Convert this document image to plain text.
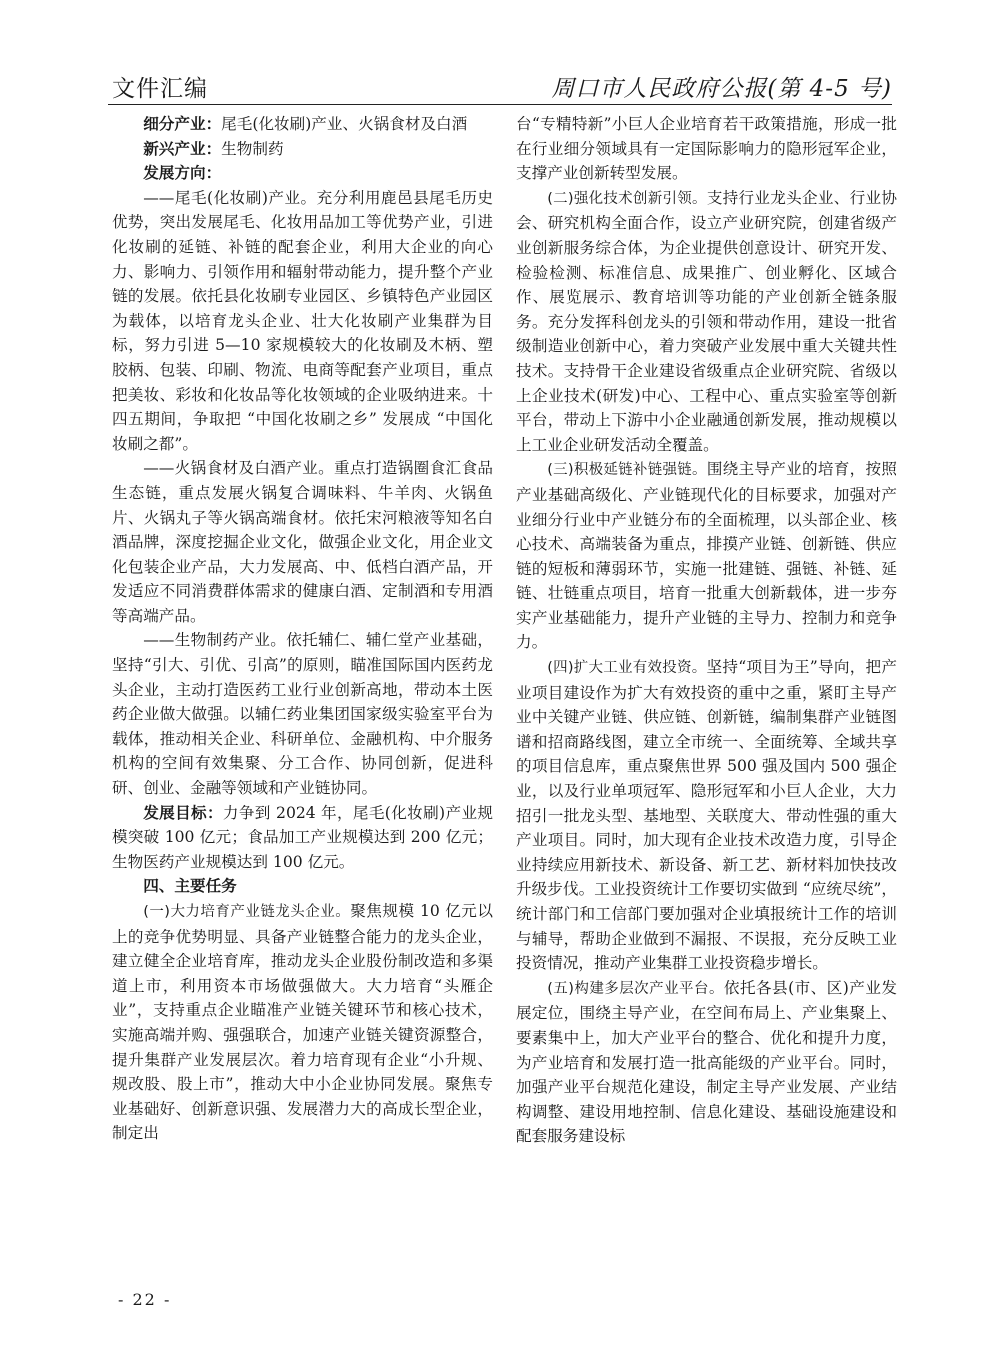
文件汇编	周口市人民政府公报(第 4-5 号)

细分产业：尾毛(化妆刷)产业、火锅食材及白酒

新兴产业：生物制药

发展方向：

——尾毛(化妆刷)产业。充分利用鹿邑县尾毛历史优势，突出发展尾毛、化妆用品加工等优势产业，引进化妆刷的延链、补链的配套企业，利用大企业的向心力、影响力、引领作用和辐射带动能力，提升整个产业链的发展。依托县化妆刷专业园区、乡镇特色产业园区为载体，以培育龙头企业、壮大化妆刷产业集群为目标，努力引进 5—10 家规模较大的化妆刷及木柄、塑胶柄、包装、印刷、物流、电商等配套产业项目，重点把美妆、彩妆和化妆品等化妆领域的企业吸纳进来。十四五期间，争取把 “中国化妆刷之乡” 发展成 “中国化妆刷之都”。

——火锅食材及白酒产业。重点打造锅圈食汇食品生态链，重点发展火锅复合调味料、牛羊肉、火锅鱼片、火锅丸子等火锅高端食材。依托宋河粮液等知名白酒品牌，深度挖掘企业文化，做强企业文化，用企业文化包装企业产品，大力发展高、中、低档白酒产品，开发适应不同消费群体需求的健康白酒、定制酒和专用酒等高端产品。

——生物制药产业。依托辅仁、辅仁堂产业基础，坚持“引大、引优、引高”的原则，瞄准国际国内医药龙头企业，主动打造医药工业行业创新高地，带动本土医药企业做大做强。以辅仁药业集团国家级实验室平台为载体，推动相关企业、科研单位、金融机构、中介服务机构的空间有效集聚、分工合作、协同创新，促进科研、创业、金融等领域和产业链协同。

发展目标：力争到 2024 年，尾毛(化妆刷)产业规模突破 100 亿元；食品加工产业规模达到 200 亿元；生物医药产业规模达到 100 亿元。

四、主要任务

(一)大力培育产业链龙头企业。聚焦规模 10 亿元以上的竞争优势明显、具备产业链整合能力的龙头企业，建立健全企业培育库，推动龙头企业股份制改造和多渠道上市，利用资本市场做强做大。大力培育“头雁企业”，支持重点企业瞄准产业链关键环节和核心技术，实施高端并购、强强联合，加速产业链关键资源整合，提升集群产业发展层次。着力培育现有企业“小升规、规改股、股上市”，推动大中小企业协同发展。聚焦专业基础好、创新意识强、发展潜力大的高成长型企业，制定出

台“专精特新”小巨人企业培育若干政策措施，形成一批在行业细分领域具有一定国际影响力的隐形冠军企业，支撑产业创新转型发展。

(二)强化技术创新引领。支持行业龙头企业、行业协会、研究机构全面合作，设立产业研究院，创建省级产业创新服务综合体，为企业提供创意设计、研究开发、检验检测、标准信息、成果推广、创业孵化、区域合作、展览展示、教育培训等功能的产业创新全链条服务。充分发挥科创龙头的引领和带动作用，建设一批省级制造业创新中心，着力突破产业发展中重大关键共性技术。支持骨干企业建设省级重点企业研究院、省级以上企业技术(研发)中心、工程中心、重点实验室等创新平台，带动上下游中小企业融通创新发展，推动规模以上工业企业研发活动全覆盖。

(三)积极延链补链强链。围绕主导产业的培育，按照产业基础高级化、产业链现代化的目标要求，加强对产业细分行业中产业链分布的全面梳理，以头部企业、核心技术、高端装备为重点，排摸产业链、创新链、供应链的短板和薄弱环节，实施一批建链、强链、补链、延链、壮链重点项目，培育一批重大创新载体，进一步夯实产业基础能力，提升产业链的主导力、控制力和竞争力。

(四)扩大工业有效投资。坚持“项目为王”导向，把产业项目建设作为扩大有效投资的重中之重，紧盯主导产业中关键产业链、供应链、创新链，编制集群产业链图谱和招商路线图，建立全市统一、全面统筹、全域共享的项目信息库，重点聚焦世界 500 强及国内 500 强企业，以及行业单项冠军、隐形冠军和小巨人企业，大力招引一批龙头型、基地型、关联度大、带动性强的重大产业项目。同时，加大现有企业技术改造力度，引导企业持续应用新技术、新设备、新工艺、新材料加快技改升级步伐。工业投资统计工作要切实做到 “应统尽统”，统计部门和工信部门要加强对企业填报统计工作的培训与辅导，帮助企业做到不漏报、不误报，充分反映工业投资情况，推动产业集群工业投资稳步增长。

(五)构建多层次产业平台。依托各县(市、区)产业发展定位，围绕主导产业，在空间布局上、产业集聚上、要素集中上，加大产业平台的整合、优化和提升力度，为产业培育和发展打造一批高能级的产业平台。同时，加强产业平台规范化建设，制定主导产业发展、产业结构调整、建设用地控制、信息化建设、基础设施建设和配套服务建设标

- 22 -
